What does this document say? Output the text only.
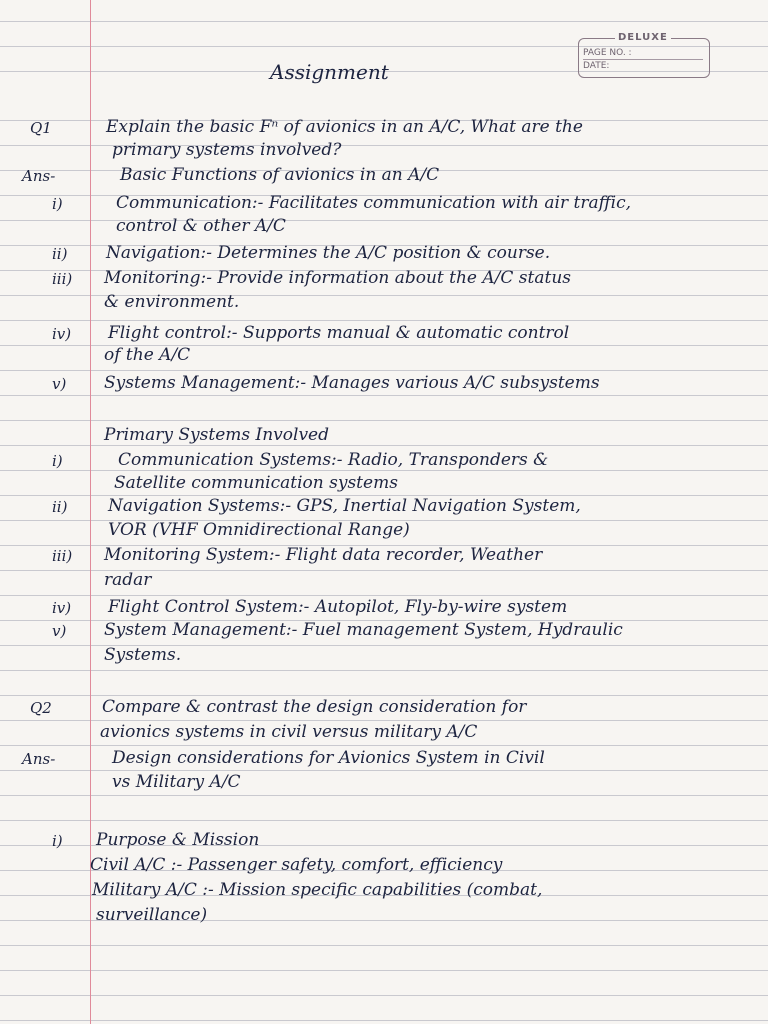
DELUXE
PAGE NO. :
DATE:
Assignment
Q1	Explain the basic Fⁿ of avionics in an A/C, What are the
primary systems involved?
Ans-	Basic Functions of avionics in an A/C
i)	Communication:- Facilitates communication with air traffic,
control & other A/C
ii) Navigation:- Determines the A/C position & course.
iii) Monitoring:- Provide information about the A/C status
& environment.
iv) Flight control:- Supports manual & automatic control
of the A/C
v) Systems Management:- Manages various A/C subsystems
Primary Systems Involved
i)	Communication Systems:- Radio, Transponders &
Satellite communication systems
ii) Navigation Systems:- GPS, Inertial Navigation System,
VOR (VHF Omnidirectional Range)
iii) Monitoring System:- Flight data recorder, Weather
radar
iv) Flight Control System:- Autopilot, Fly-by-wire system
v) System Management:- Fuel management System, Hydraulic
Systems.
Q2	Compare & contrast the design consideration for
avionics systems in civil versus military A/C
Ans-	Design considerations for Avionics System in Civil
vs Military A/C
i) Purpose & Mission
Civil A/C :- Passenger safety, comfort, efficiency
Military A/C :- Mission specific capabilities (combat,
surveillance)
